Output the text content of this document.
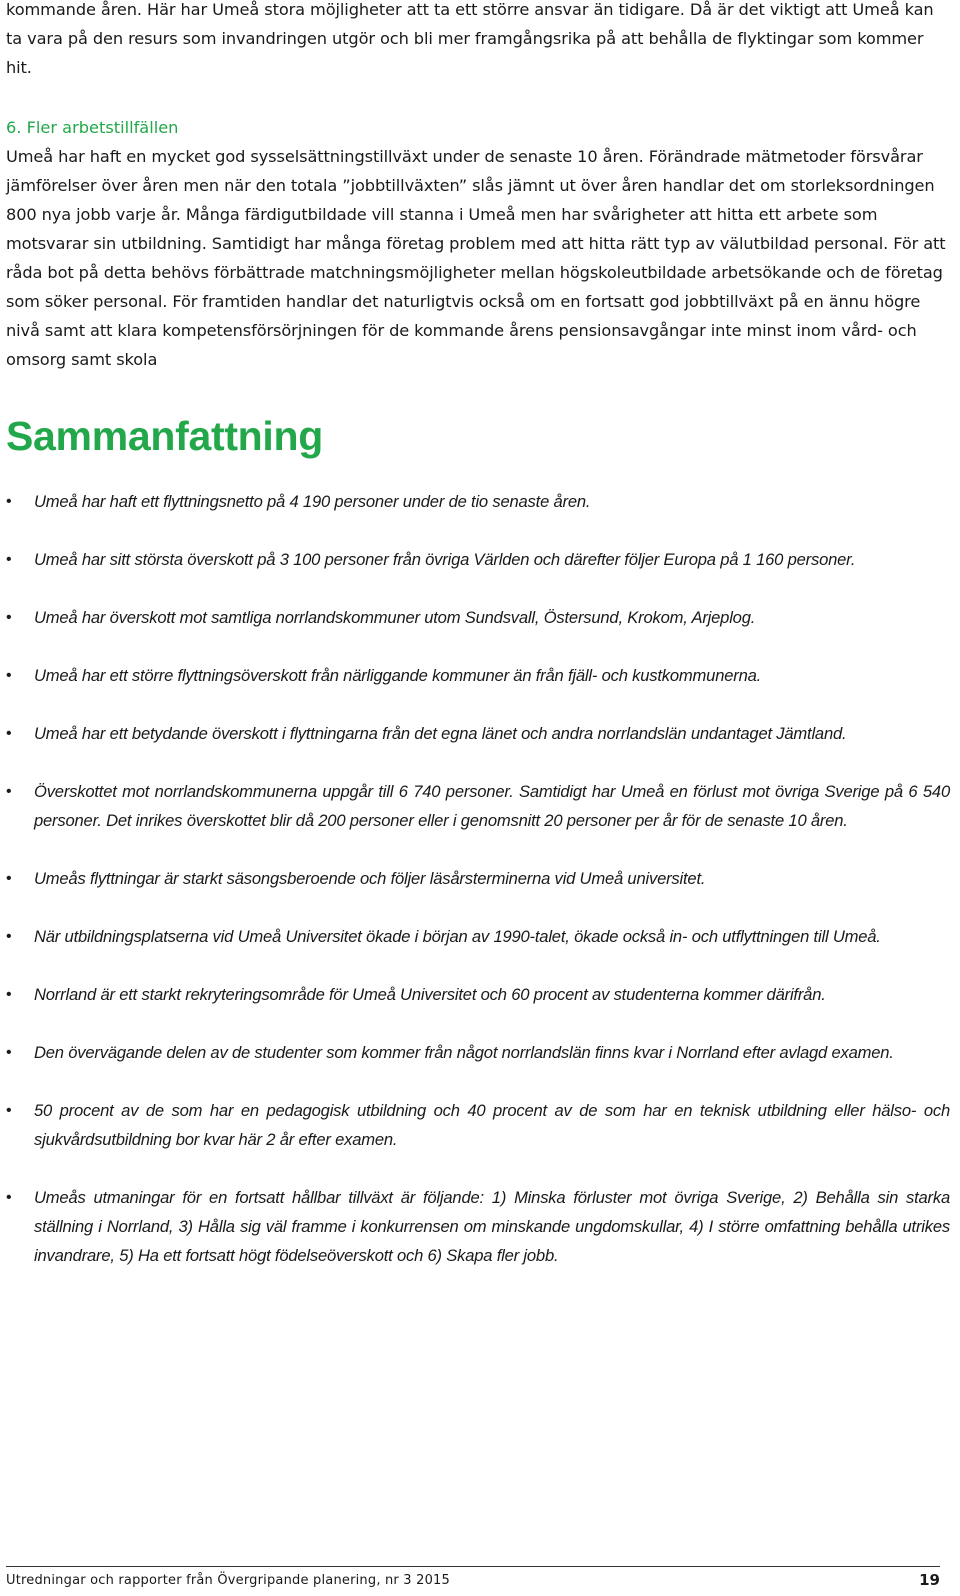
kommande åren. Här har Umeå stora möjligheter att ta ett större ansvar än tidigare. Då är det viktigt att Umeå kan ta vara på den resurs som invandringen utgör och bli mer framgångsrika på att behålla de flyktingar som kommer hit.

6. Fler arbetstillfällen

Umeå har haft en mycket god sysselsättningstillväxt under de senaste 10 åren. Förändrade mätmetoder försvårar jämförelser över åren men när den totala ”jobbtillväxten” slås jämnt ut över åren handlar det om storleksordningen 800 nya jobb varje år. Många färdigutbildade vill stanna i Umeå men har svårigheter att hitta ett arbete som motsvarar sin utbildning. Samtidigt har många företag problem med att hitta rätt typ av välutbildad personal. För att råda bot på detta behövs förbättrade matchningsmöjligheter mellan högskoleutbildade arbetsökande och de företag som söker personal. För framtiden handlar det naturligtvis också om en fortsatt god jobbtillväxt på en ännu högre nivå samt att klara kompetensförsörjningen för de kommande årens pensionsavgångar inte minst inom vård- och omsorg samt skola

Sammanfattning
• Umeå har haft ett flyttningsnetto på 4 190 personer under de tio senaste åren.
• Umeå har sitt största överskott på 3 100 personer från övriga Världen och därefter följer Europa på 1 160 personer.
• Umeå har överskott mot samtliga norrlandskommuner utom Sundsvall, Östersund, Krokom, Arjeplog.
• Umeå har ett större flyttningsöverskott från närliggande kommuner än från fjäll- och kustkommunerna.
• Umeå har ett betydande överskott i flyttningarna från det egna länet och andra norrlandslän undantaget Jämtland.
• Överskottet mot norrlandskommunerna uppgår till 6 740 personer. Samtidigt har Umeå en förlust mot övriga Sverige på 6 540 personer. Det inrikes överskottet blir då 200 personer eller i genomsnitt 20 personer per år för de senaste 10 åren.
• Umeås flyttningar är starkt säsongsberoende och följer läsårsterminerna vid Umeå universitet.
• När utbildningsplatserna vid Umeå Universitet ökade i början av 1990-talet, ökade också in- och utflyttningen till Umeå.
• Norrland är ett starkt rekryteringsområde för Umeå Universitet och 60 procent av studenterna kommer därifrån.
• Den övervägande delen av de studenter som kommer från något norrlandslän finns kvar i Norrland efter avlagd examen.
• 50 procent av de som har en pedagogisk utbildning och 40 procent av de som har en teknisk utbildning eller hälso- och sjukvårdsutbildning bor kvar här 2 år efter examen.
• Umeås utmaningar för en fortsatt hållbar tillväxt är följande: 1) Minska förluster mot övriga Sverige, 2) Behålla sin starka ställning i Norrland, 3) Hålla sig väl framme i konkurrensen om minskande ungdomskullar, 4) I större omfattning behålla utrikes invandrare, 5) Ha ett fortsatt högt födelseöverskott och 6) Skapa fler jobb.
Utredningar och rapporter från Övergripande planering, nr 3 2015	19
